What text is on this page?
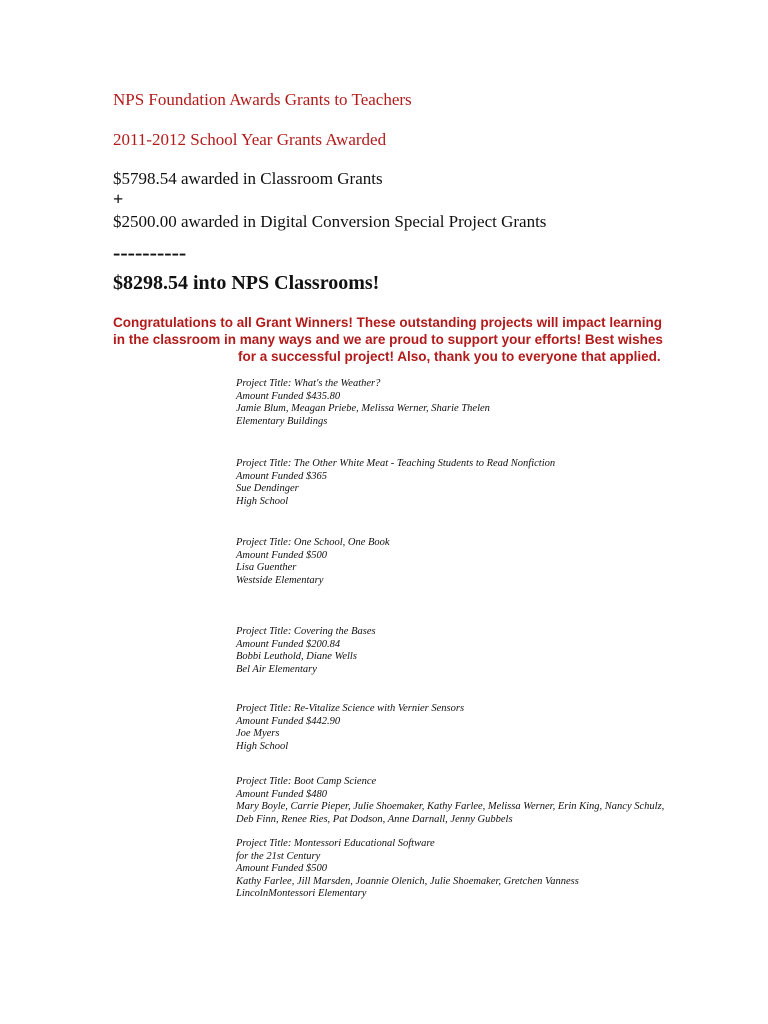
NPS Foundation Awards Grants to Teachers
2011-2012 School Year Grants Awarded
$5798.54 awarded in Classroom Grants
+
$2500.00 awarded in Digital Conversion Special Project Grants
----------
$8298.54 into NPS Classrooms!
Congratulations to all Grant Winners! These outstanding projects will impact learning
in the classroom in many ways and we are proud to support your efforts! Best wishes
for a successful project! Also, thank you to everyone that applied.
Project Title: What's the Weather?
Amount Funded $435.80
Jamie Blum, Meagan Priebe, Melissa Werner, Sharie Thelen
Elementary Buildings
Project Title: The Other White Meat - Teaching Students to Read Nonfiction
Amount Funded $365
Sue Dendinger
High School
Project Title: One School, One Book
Amount Funded $500
Lisa Guenther
Westside Elementary
Project Title: Covering the Bases
Amount Funded $200.84
Bobbi Leuthold, Diane Wells
Bel Air Elementary
Project Title: Re-Vitalize Science with Vernier Sensors
Amount Funded $442.90
Joe Myers
High School
Project Title: Boot Camp Science
Amount Funded $480
Mary Boyle, Carrie Pieper, Julie Shoemaker, Kathy Farlee, Melissa Werner, Erin King, Nancy Schulz, Deb Finn, Renee Ries, Pat Dodson, Anne Darnall, Jenny Gubbels
Project Title: Montessori Educational Software
for the 21st Century
Amount Funded $500
Kathy Farlee, Jill Marsden, Joannie Olenich, Julie Shoemaker, Gretchen Vanness
LincolnMontessori Elementary
